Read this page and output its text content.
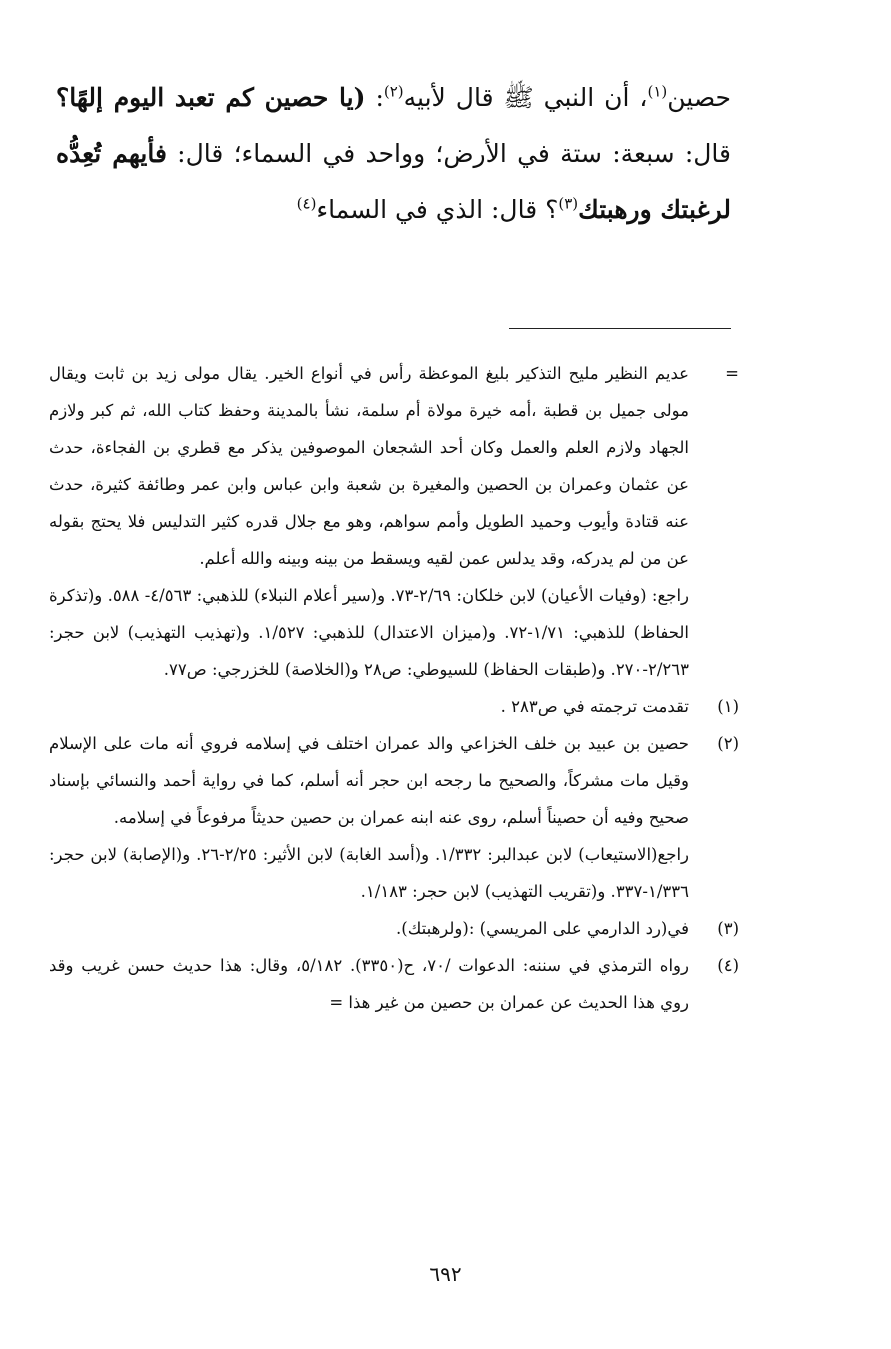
حصين$^{(١)}$، أن النبي ﷺ قال لأبيه$^{(٢)}$: (يا حصين كم تعبد اليوم إلهًا؟ قال: سبعة: ستة في الأرض؛ وواحد في السماء؛ قال: فأيهم تُعِدُّه لرغبتك ورهبتك$^{(٣)}$؟ قال: الذي في السماء$^{(٤)}$

=

عديم النظير مليح التذكير بليغ الموعظة رأس في أنواع الخير. يقال مولى زيد بن ثابت ويقال مولى جميل بن قطبة ،أمه خيرة مولاة أم سلمة، نشأ بالمدينة وحفظ كتاب الله، ثم كبر ولازم الجهاد ولازم العلم والعمل وكان أحد الشجعان الموصوفين يذكر مع قطري بن الفجاءة، حدث عن عثمان وعمران بن الحصين والمغيرة بن شعبة وابن عباس وابن عمر وطائفة كثيرة، حدث عنه قتادة وأيوب وحميد الطويل وأمم سواهم، وهو مع جلال قدره كثير التدليس فلا يحتج بقوله عن من لم يدركه، وقد يدلس عمن لقيه ويسقط من بينه وبينه والله أعلم.

راجع: (وفيات الأعيان) لابن خلكان: ٢/٦٩-٧٣. و(سير أعلام النبلاء) للذهبي: ٤/٥٦٣- ٥٨٨. و(تذكرة الحفاظ) للذهبي: ١/٧١-٧٢. و(ميزان الاعتدال) للذهبي: ١/٥٢٧. و(تهذيب التهذيب) لابن حجر: ٢/٢٦٣-٢٧٠. و(طبقات الحفاظ) للسيوطي: ص٢٨ و(الخلاصة) للخزرجي: ص٧٧.

(١)

تقدمت ترجمته في ص٢٨٣ .

(٢)

حصين بن عبيد بن خلف الخزاعي والد عمران اختلف في إسلامه فروي أنه مات على الإسلام وقيل مات مشركاً، والصحيح ما رجحه ابن حجر أنه أسلم، كما في رواية أحمد والنسائي بإسناد صحيح وفيه أن حصيناً أسلم، روى عنه ابنه عمران بن حصين حديثاً مرفوعاً في إسلامه.

راجع(الاستيعاب) لابن عبدالبر: ١/٣٣٢. و(أسد الغابة) لابن الأثير: ٢/٢٥-٢٦. و(الإصابة) لابن حجر: ١/٣٣٦-٣٣٧. و(تقريب التهذيب) لابن حجر: ١/١٨٣.

(٣)

في(رد الدارمي على المريسي) :(ولرهبتك).

(٤)

رواه الترمذي في سننه: الدعوات /٧٠، ح(٣٣٥٠). ٥/١٨٢، وقال: هذا حديث حسن غريب وقد روي هذا الحديث عن عمران بن حصين من غير هذا =

٦٩٢
